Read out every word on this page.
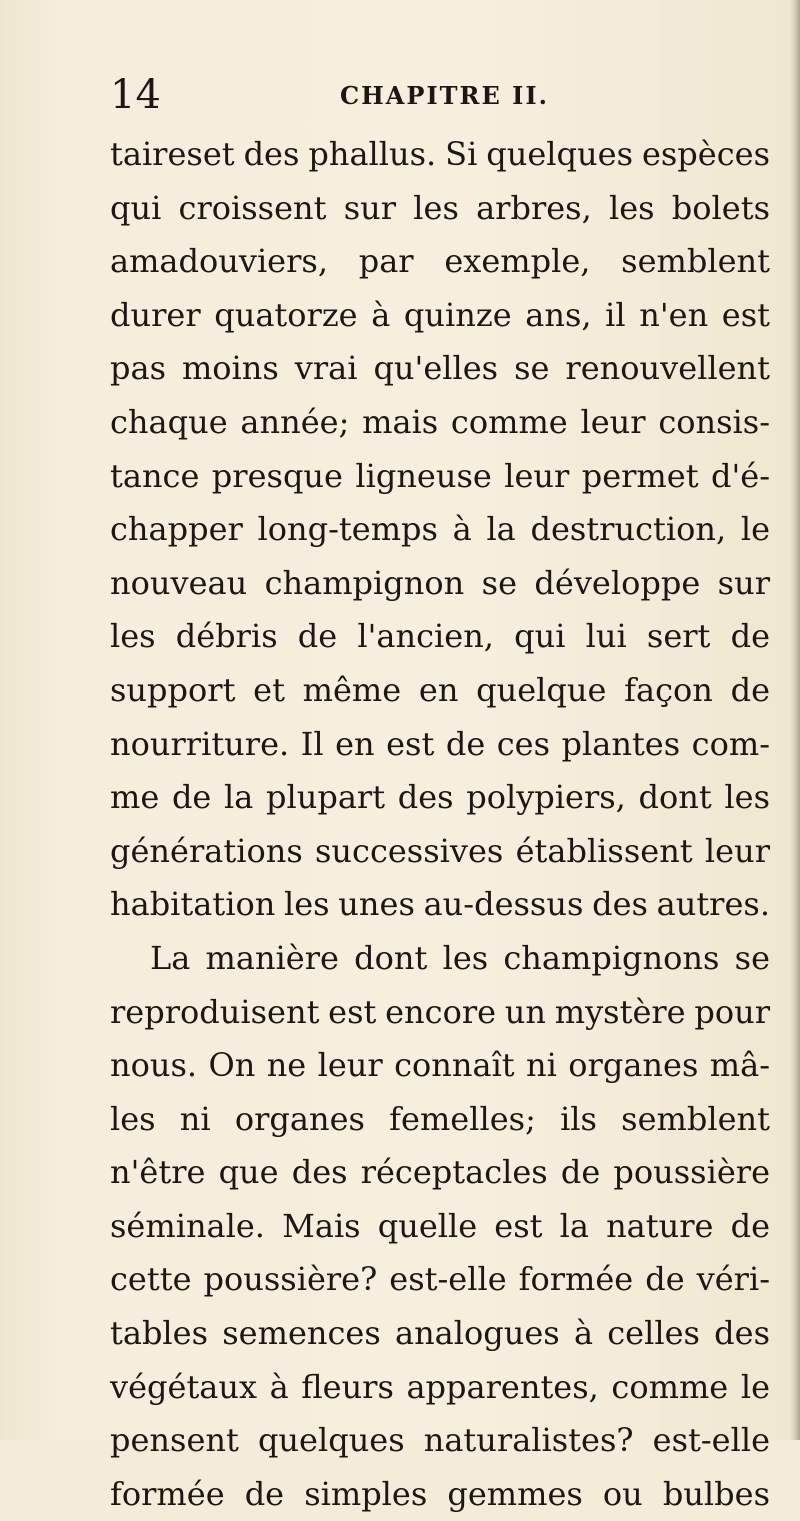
14	CHAPITRE II.
taireset des phallus. Si quelques espèces
qui croissent sur les arbres, les bolets
amadouviers, par exemple, semblent
durer quatorze à quinze ans, il n'en est
pas moins vrai qu'elles se renouvellent
chaque année; mais comme leur consis-
tance presque ligneuse leur permet d'é-
chapper long-temps à la destruction, le
nouveau champignon se développe sur
les débris de l'ancien, qui lui sert de
support et même en quelque façon de
nourriture. Il en est de ces plantes com-
me de la plupart des polypiers, dont les
générations successives établissent leur
habitation les unes au-dessus des autres.
La manière dont les champignons se
reproduisent est encore un mystère pour
nous. On ne leur connaît ni organes mâ-
les ni organes femelles; ils semblent
n'être que des réceptacles de poussière
séminale. Mais quelle est la nature de
cette poussière? est-elle formée de véri-
tables semences analogues à celles des
végétaux à fleurs apparentes, comme le
pensent quelques naturalistes? est-elle
formée de simples gemmes ou bulbes
